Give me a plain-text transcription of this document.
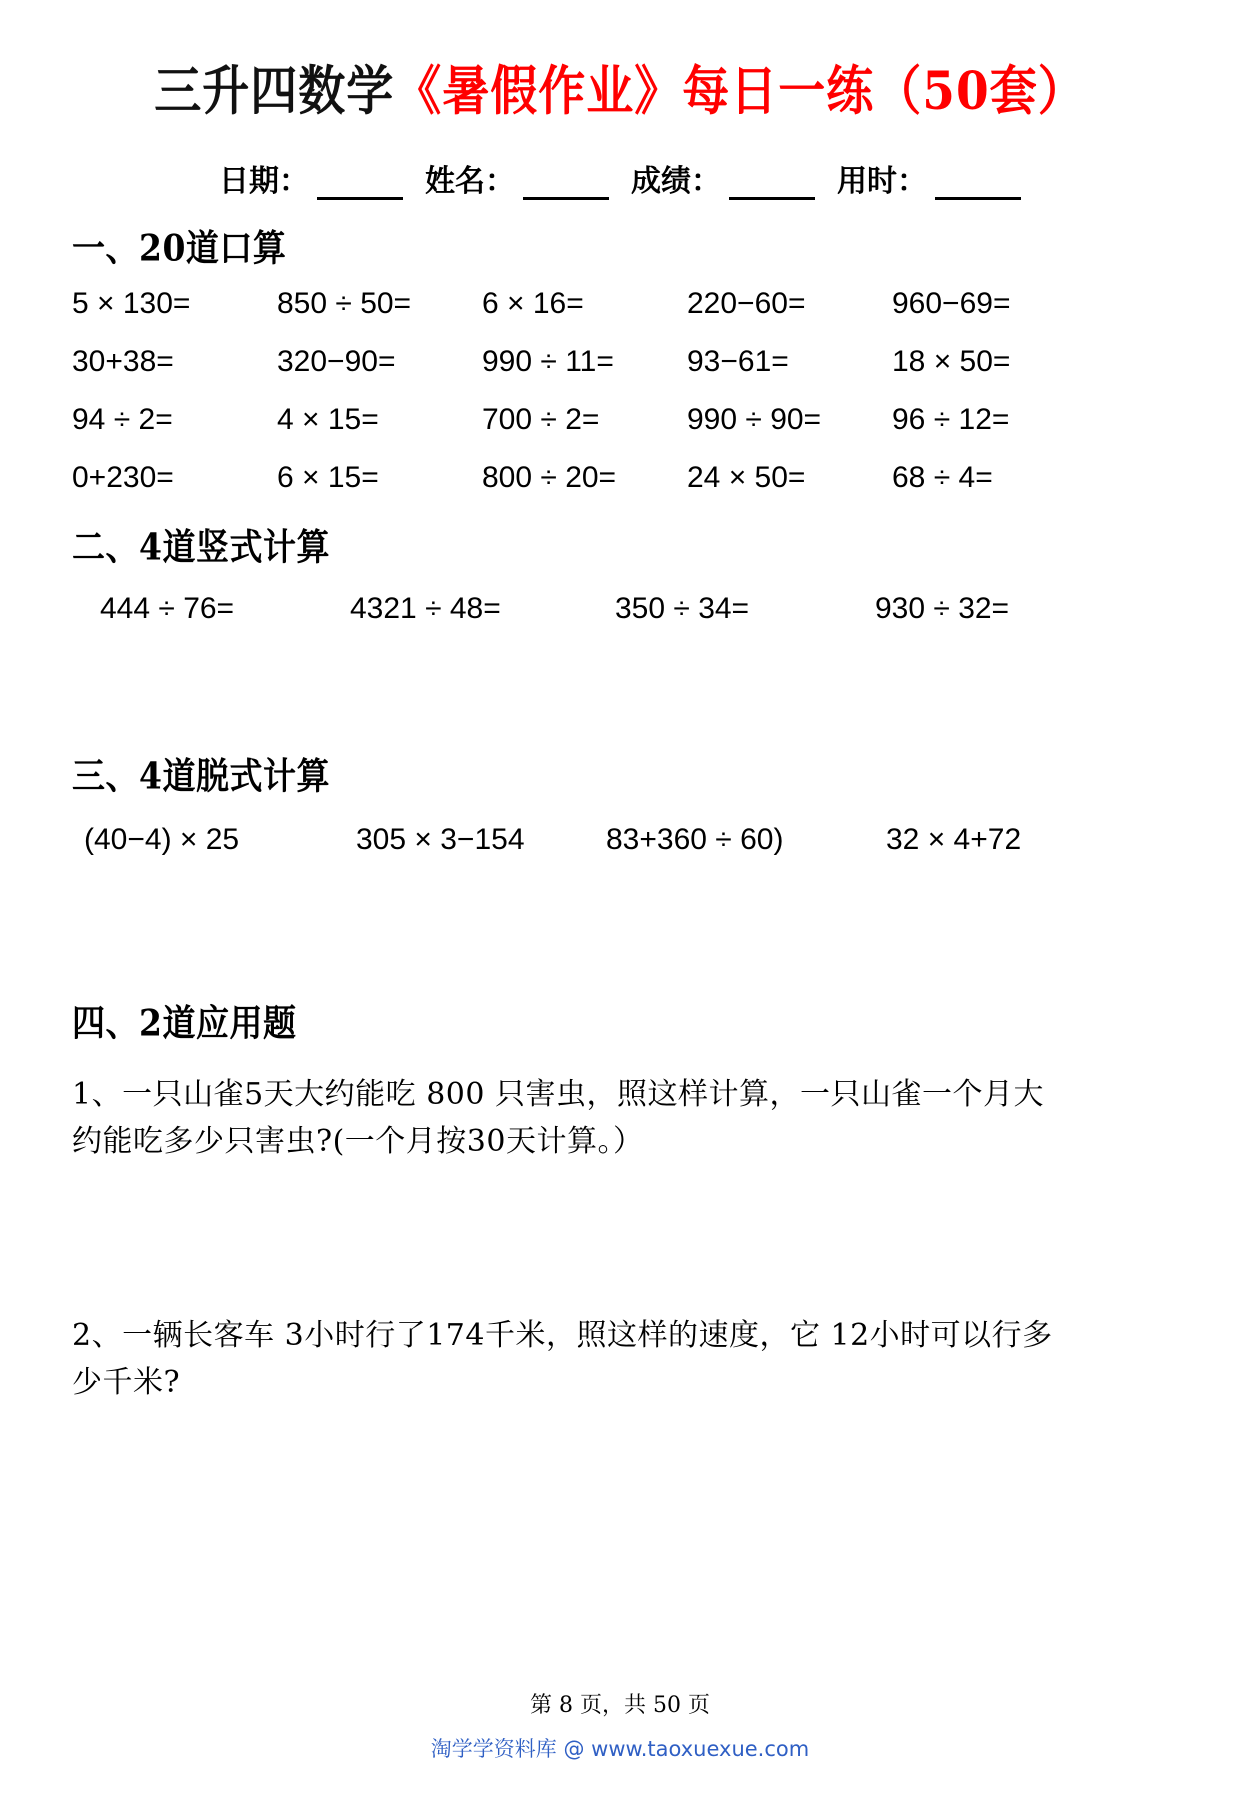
三升四数学《暑假作业》每日一练（50套）
日期：	姓名：	成绩：	用时：
一、20道口算
5 × 130=	850 ÷ 50=	6 × 16=	220−60=	960−69=
30+38=	320−90=	990 ÷ 11=	93−61=	18 × 50=
94 ÷ 2=	4 × 15=	700 ÷ 2=	990 ÷ 90=	96 ÷ 12=
0+230=	6 × 15=	800 ÷ 20=	24 × 50=	68 ÷ 4=
二、4道竖式计算
444 ÷ 76=	4321 ÷ 48=	350 ÷ 34=	930 ÷ 32=
三、4道脱式计算
(40−4) × 25	305 × 3−154	83+360 ÷ 60)	32 × 4+72
四、2道应用题
1、一只山雀5天大约能吃 800 只害虫，照这样计算，一只山雀一个月大约能吃多少只害虫?(一个月按30天计算。）
2、一辆长客车 3小时行了174千米，照这样的速度，它 12小时可以行多少千米?
第 8 页，共 50 页
淘学学资料库 @ www.taoxuexue.com
